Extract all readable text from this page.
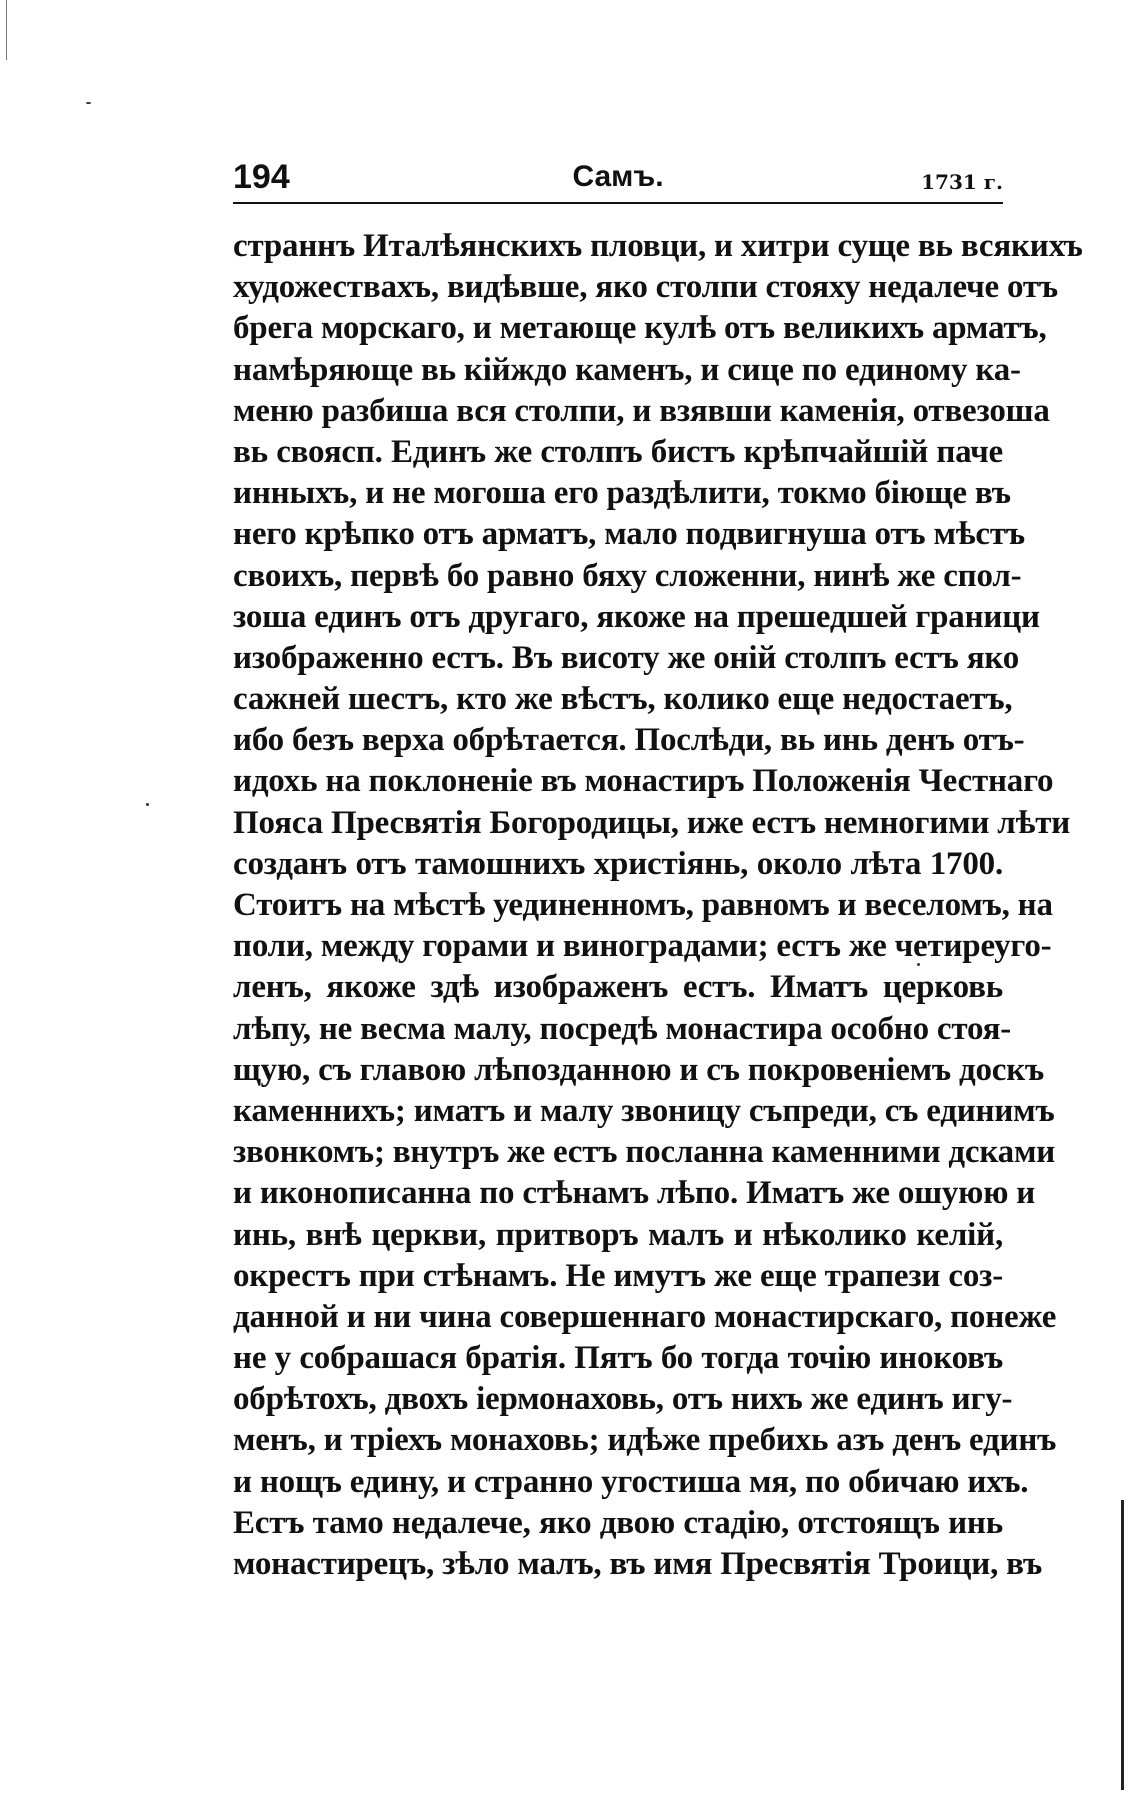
194	Самъ.	1731 г.
страннъ Италѣянскихъ пловци, и хитри суще вь всякихъ
художествахъ, видѣвше, яко столпи стояху недалече отъ
брега морскаго, и метающе кулѣ отъ великихъ арматъ,
намѣряюще вь кійждо каменъ, и сице по единому ка-
меню разбиша вся столпи, и взявши каменія, отвезоша
вь своясп. Единъ же столпъ бистъ крѣпчайшій паче
инныхъ, и не могоша его раздѣлити, токмо біюще въ
него крѣпко отъ арматъ, мало подвигнуша отъ мѣстъ
своихъ, первѣ бо равно бяху сложенни, нинѣ же спол-
зоша единъ отъ другаго, якоже на прешедшей граници
изображенно естъ. Въ висоту же оній столпъ естъ яко
сажней шестъ, кто же вѣстъ, колико еще недостаетъ,
ибо безъ верха обрѣтается. Послѣди, вь инь денъ отъ-
идохь на поклоненіе въ монастиръ Положенія Честнаго
Пояса Пресвятія Богородицы, иже естъ немногими лѣти
созданъ отъ тамошнихъ христіянь, около лѣта 1700.
Стоитъ на мѣстѣ уединенномъ, равномъ и веселомъ, на
поли, между горами и виноградами; естъ же четиреуго-
ленъ, якоже здѣ изображенъ естъ. Иматъ церковь
лѣпу, не весма малу, посредѣ монастира особно стоя-
щую, съ главою лѣпозданною и съ покровеніемъ доскъ
каменнихъ; иматъ и малу звоницу съпреди, съ единимъ
звонкомъ; внутръ же естъ посланна каменними дсками
и иконописанна по стѣнамъ лѣпо. Иматъ же ошуюю и
инь, внѣ церкви, притворъ малъ и нѣколико келій,
окрестъ при стѣнамъ. Не имутъ же еще трапези соз-
данной и ни чина совершеннаго монастирскаго, понеже
не у собрашася братія. Пятъ бо тогда точію иноковъ
обрѣтохъ, двохъ іермонаховь, отъ нихъ же единъ игу-
менъ, и тріехъ монаховь; идѣже пребихь азъ денъ единъ
и нощъ едину, и странно угостиша мя, по обичаю ихъ.
Естъ тамо недалече, яко двою стадію, отстоящъ инь
монастирецъ, зѣло малъ, въ имя Пресвятія Троици, въ
